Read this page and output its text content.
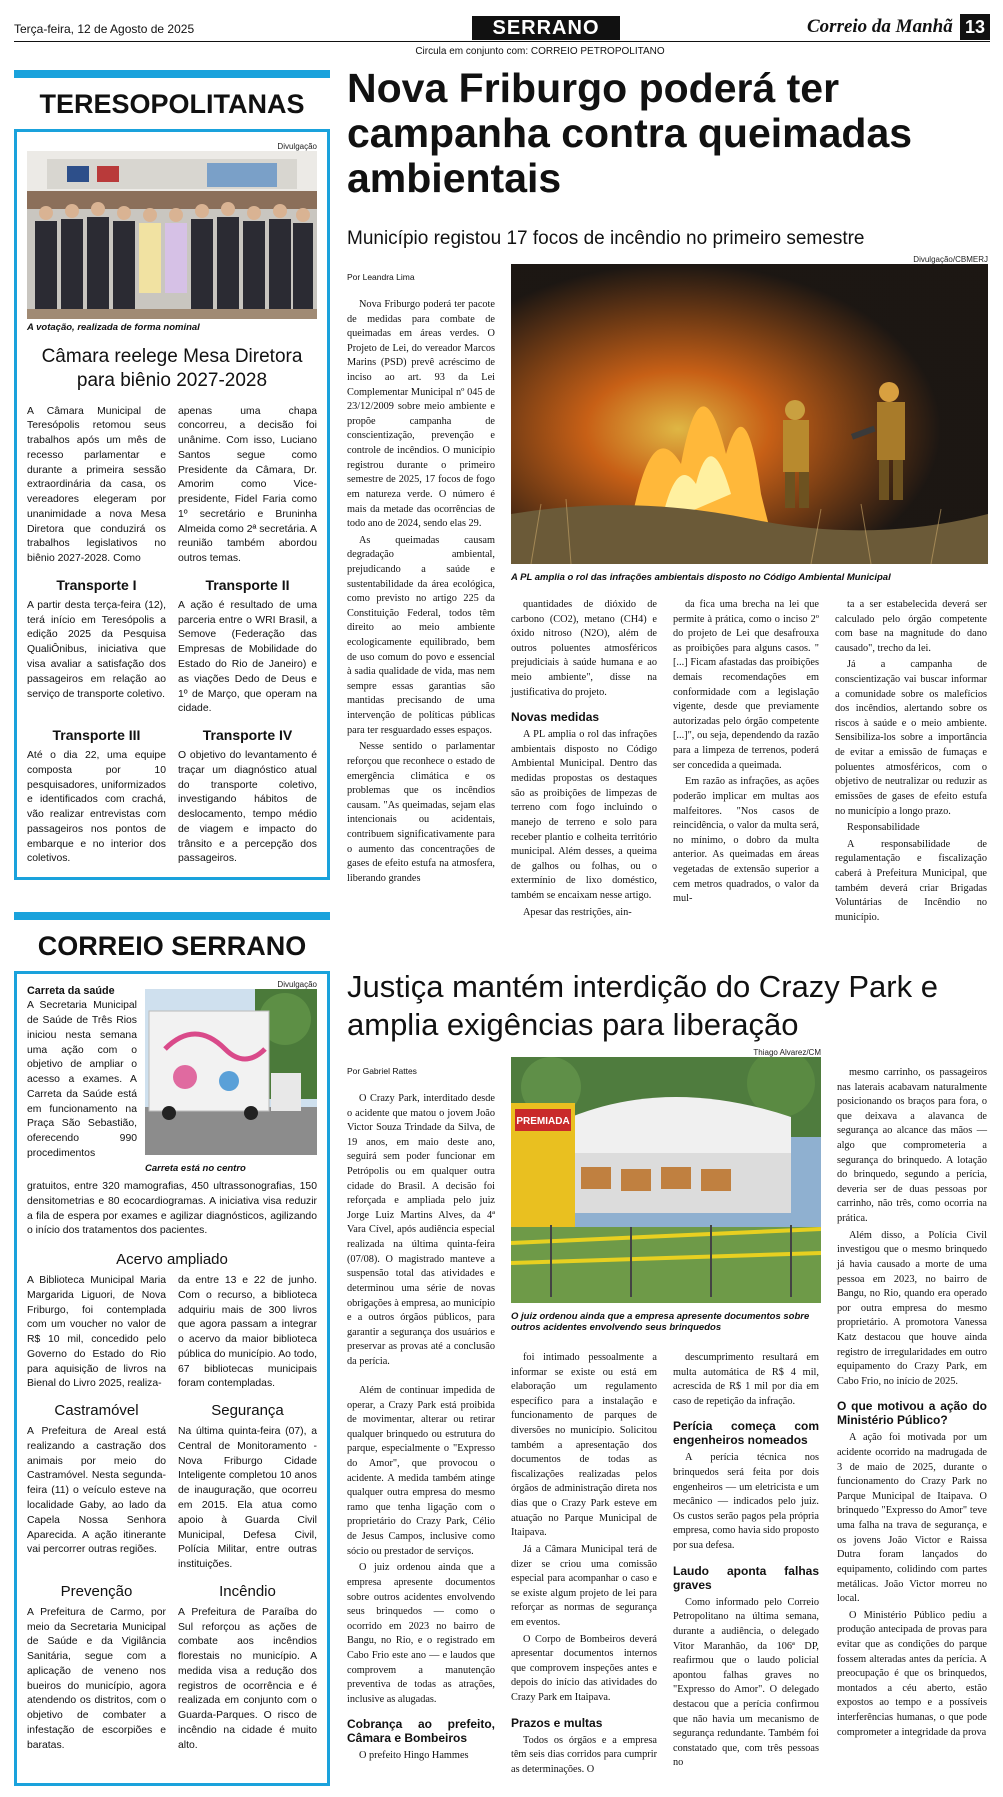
Terça-feira, 12 de Agosto de 2025	SERRANO	Correio da Manhã 13
Circula em conjunto com: CORREIO PETROPOLITANO
TERESOPOLITANAS
Divulgação
A votação, realizada de forma nominal
Câmara reelege Mesa Diretora para biênio 2027-2028
A Câmara Municipal de Teresópolis retomou seus trabalhos após um mês de recesso parlamentar e durante a primeira sessão extraordinária da casa, os vereadores elegeram por unanimidade a nova Mesa Diretora que conduzirá os trabalhos legislativos no biênio 2027-2028. Como
apenas uma chapa concorreu, a decisão foi unânime. Com isso, Luciano Santos segue como Presidente da Câmara, Dr. Amorim como Vice-presidente, Fidel Faria como 1º secretário e Bruninha Almeida como 2ª secretária. A reunião também abordou outros temas.
Transporte I
A partir desta terça-feira (12), terá início em Teresópolis a edição 2025 da Pesquisa QualiÔnibus, iniciativa que visa avaliar a satisfação dos passageiros em relação ao serviço de transporte coletivo.
Transporte II
A ação é resultado de uma parceria entre o WRI Brasil, a Semove (Federação das Empresas de Mobilidade do Estado do Rio de Janeiro) e as viações Dedo de Deus e 1º de Março, que operam na cidade.
Transporte III
Até o dia 22, uma equipe composta por 10 pesquisadores, uniformizados e identificados com crachá, vão realizar entrevistas com passageiros nos pontos de embarque e no interior dos coletivos.
Transporte IV
O objetivo do levantamento é traçar um diagnóstico atual do transporte coletivo, investigando hábitos de deslocamento, tempo médio de viagem e impacto do trânsito e a percepção dos passageiros.
CORREIO SERRANO
Divulgação
Carreta está no centro
Carreta da saúde
A Secretaria Municipal de Saúde de Três Rios iniciou nesta semana uma ação com o objetivo de ampliar o acesso a exames. A Carreta da Saúde está em funcionamento na Praça São Sebastião, oferecendo 990 procedimentos
gratuitos, entre 320 mamografias, 450 ultrassonografias, 150 densitometrias e 80 ecocardiogramas. A iniciativa visa reduzir a fila de espera por exames e agilizar diagnósticos, agilizando o início dos tratamentos dos pacientes.
Acervo ampliado
A Biblioteca Municipal Maria Margarida Liguori, de Nova Friburgo, foi contemplada com um voucher no valor de R$ 10 mil, concedido pelo Governo do Estado do Rio para aquisição de livros na Bienal do Livro 2025, realiza-
da entre 13 e 22 de junho. Com o recurso, a biblioteca adquiriu mais de 300 livros que agora passam a integrar o acervo da maior biblioteca pública do município. Ao todo, 67 bibliotecas municipais foram contempladas.
Castramóvel
A Prefeitura de Areal está realizando a castração dos animais por meio do Castramóvel. Nesta segunda-feira (11) o veículo esteve na localidade Gaby, ao lado da Capela Nossa Senhora Aparecida. A ação itinerante vai percorrer outras regiões.
Segurança
Na última quinta-feira (07), a Central de Monitoramento - Nova Friburgo Cidade Inteligente completou 10 anos de inauguração, que ocorreu em 2015. Ela atua como apoio à Guarda Civil Municipal, Defesa Civil, Polícia Militar, entre outras instituições.
Prevenção
A Prefeitura de Carmo, por meio da Secretaria Municipal de Saúde e da Vigilância Sanitária, segue com a aplicação de veneno nos bueiros do município, agora atendendo os distritos, com o objetivo de combater a infestação de escorpiões e baratas.
Incêndio
A Prefeitura de Paraíba do Sul reforçou as ações de combate aos incêndios florestais no município. A medida visa a redução dos registros de ocorrência e é realizada em conjunto com o Guarda-Parques. O risco de incêndio na cidade é muito alto.
Nova Friburgo poderá ter campanha contra queimadas ambientais
Município registou 17 focos de incêndio no primeiro semestre
Por Leandra Lima

Nova Friburgo poderá ter pacote de medidas para combate de queimadas em áreas verdes. O Projeto de Lei, do vereador Marcos Marins (PSD) prevê acréscimo de inciso ao art. 93 da Lei Complementar Municipal nº 045 de 23/12/2009 sobre meio ambiente e propõe campanha de conscientização, prevenção e controle de incêndios. O município registrou durante o primeiro semestre de 2025, 17 focos de fogo em natureza verde. O número é mais da metade das ocorrências de todo ano de 2024, sendo elas 29.

As queimadas causam degradação ambiental, prejudicando a saúde e sustentabilidade da área ecológica, como previsto no artigo 225 da Constituição Federal, todos têm direito ao meio ambiente ecologicamente equilibrado, bem de uso comum do povo e essencial à sadia qualidade de vida, mas nem sempre essas garantias são mantidas precisando de uma intervenção de políticas públicas para ter resguardado esses espaços.

Nesse sentido o parlamentar reforçou que reconhece o estado de emergência climática e os problemas que os incêndios causam. "As queimadas, sejam elas intencionais ou acidentais, contribuem significativamente para o aumento das concentrações de gases de efeito estufa na atmosfera, liberando grandes

Divulgação/CBMERJ
A PL amplia o rol das infrações ambientais disposto no Código Ambiental Municipal

quantidades de dióxido de carbono (CO2), metano (CH4) e óxido nitroso (N2O), além de outros poluentes atmosféricos prejudiciais à saúde humana e ao meio ambiente", disse na justificativa do projeto.

Novas medidas

A PL amplia o rol das infrações ambientais disposto no Código Ambiental Municipal. Dentro das medidas propostas os destaques são as proibições de limpezas de terreno com fogo incluindo o manejo de terreno e solo para receber plantio e colheita território municipal. Além desses, a queima de galhos ou folhas, ou o extermínio de lixo doméstico, também se encaixam nesse artigo.

Apesar das restrições, ain-

da fica uma brecha na lei que permite à prática, como o inciso 2º do projeto de Lei que desafrouxa as proibições para alguns casos. "[...] Ficam afastadas das proibições demais recomendações em conformidade com a legislação vigente, desde que previamente autorizadas pelo órgão competente [...]", ou seja, dependendo da razão para a limpeza de terrenos, poderá ser concedida a queimada.

Em razão as infrações, as ações poderão implicar em multas aos malfeitores. "Nos casos de reincidência, o valor da multa será, no mínimo, o dobro da multa anterior. As queimadas em áreas vegetadas de extensão superior a cem metros quadrados, o valor da mul-

ta a ser estabelecida deverá ser calculado pelo órgão competente com base na magnitude do dano causado", trecho da lei.

Já a campanha de conscientização vai buscar informar a comunidade sobre os malefícios dos incêndios, alertando sobre os riscos à saúde e o meio ambiente. Sensibiliza-los sobre a importância de evitar a emissão de fumaças e poluentes atmosféricos, com o objetivo de neutralizar ou reduzir as emissões de gases de efeito estufa no município a longo prazo.

Responsabilidade

A responsabilidade de regulamentação e fiscalização caberá à Prefeitura Municipal, que também deverá criar Brigadas Voluntárias de Incêndio no município.

Justiça mantém interdição do Crazy Park e amplia exigências para liberação
Por Gabriel Rattes

O Crazy Park, interditado desde o acidente que matou o jovem João Victor Souza Trindade da Silva, de 19 anos, em maio deste ano, seguirá sem poder funcionar em Petrópolis ou em qualquer outra cidade do Brasil. A decisão foi reforçada e ampliada pelo juiz Jorge Luiz Martins Alves, da 4ª Vara Cível, após audiência especial realizada na última quinta-feira (07/08). O magistrado manteve a suspensão total das atividades e determinou uma série de novas obrigações à empresa, ao município e a outros órgãos públicos, para garantir a segurança dos usuários e preservar as provas até a conclusão da perícia.

Thiago Alvarez/CM
PREMIADA
O juiz ordenou ainda que a empresa apresente documentos sobre outros acidentes envolvendo seus brinquedos

foi intimado pessoalmente a informar se existe ou está em elaboração um regulamento específico para a instalação e funcionamento de parques de diversões no município. Solicitou também a apresentação dos documentos de todas as fiscalizações realizadas pelos órgãos de administração direta nos dias que o Crazy Park esteve em atuação no Parque Municipal de Itaipava.

Já a Câmara Municipal terá de dizer se criou uma comissão especial para acompanhar o caso e se existe algum projeto de lei para reforçar as normas de segurança em eventos.

O Corpo de Bombeiros deverá apresentar documentos internos que comprovem inspeções antes e depois do início das atividades do Crazy Park em Itaipava.

Prazos e multas

Todos os órgãos e a empresa têm seis dias corridos para cumprir as determinações. O

descumprimento resultará em multa automática de R$ 4 mil, acrescida de R$ 1 mil por dia em caso de repetição da infração.

Perícia começa com engenheiros nomeados

A perícia técnica nos brinquedos será feita por dois engenheiros — um eletricista e um mecânico — indicados pelo juiz. Os custos serão pagos pela própria empresa, como havia sido proposto por sua defesa.

Laudo aponta falhas graves

Como informado pelo Correio Petropolitano na última semana, durante a audiência, o delegado Vitor Maranhão, da 106ª DP, reafirmou que o laudo policial apontou falhas graves no "Expresso do Amor". O delegado destacou que a perícia confirmou que não havia um mecanismo de segurança redundante. Também foi constatado que, com três pessoas no

mesmo carrinho, os passageiros nas laterais acabavam naturalmente posicionando os braços para fora, o que deixava a alavanca de segurança ao alcance das mãos — algo que comprometeria a segurança do brinquedo. A lotação do brinquedo, segundo a perícia, deveria ser de duas pessoas por carrinho, não três, como ocorria na prática.

Além disso, a Polícia Civil investigou que o mesmo brinquedo já havia causado a morte de uma pessoa em 2023, no bairro de Bangu, no Rio, quando era operado por outra empresa do mesmo proprietário. A promotora Vanessa Katz destacou que houve ainda registro de irregularidades em outro equipamento do Crazy Park, em Cabo Frio, no início de 2025.

O que motivou a ação do Ministério Público?

A ação foi motivada por um acidente ocorrido na madrugada de 3 de maio de 2025, durante o funcionamento do Crazy Park no Parque Municipal de Itaipava. O brinquedo "Expresso do Amor" teve uma falha na trava de segurança, e os jovens João Victor e Raissa Dutra foram lançados do equipamento, colidindo com partes metálicas. João Victor morreu no local.

O Ministério Público pediu a produção antecipada de provas para evitar que as condições do parque fossem alteradas antes da perícia. A preocupação é que os brinquedos, montados a céu aberto, estão expostos ao tempo e a possíveis interferências humanas, o que pode comprometer a integridade da prova

Além de continuar impedida de operar, a Crazy Park está proibida de movimentar, alterar ou retirar qualquer brinquedo ou estrutura do parque, especialmente o "Expresso do Amor", que provocou o acidente. A medida também atinge qualquer outra empresa do mesmo ramo que tenha ligação com o proprietário do Crazy Park, Célio de Jesus Campos, inclusive como sócio ou prestador de serviços.

O juiz ordenou ainda que a empresa apresente documentos sobre outros acidentes envolvendo seus brinquedos — como o ocorrido em 2023 no bairro de Bangu, no Rio, e o registrado em Cabo Frio este ano — e laudos que comprovem a manutenção preventiva de todas as atrações, inclusive as alugadas.

Cobrança ao prefeito, Câmara e Bombeiros

O prefeito Hingo Hammes
